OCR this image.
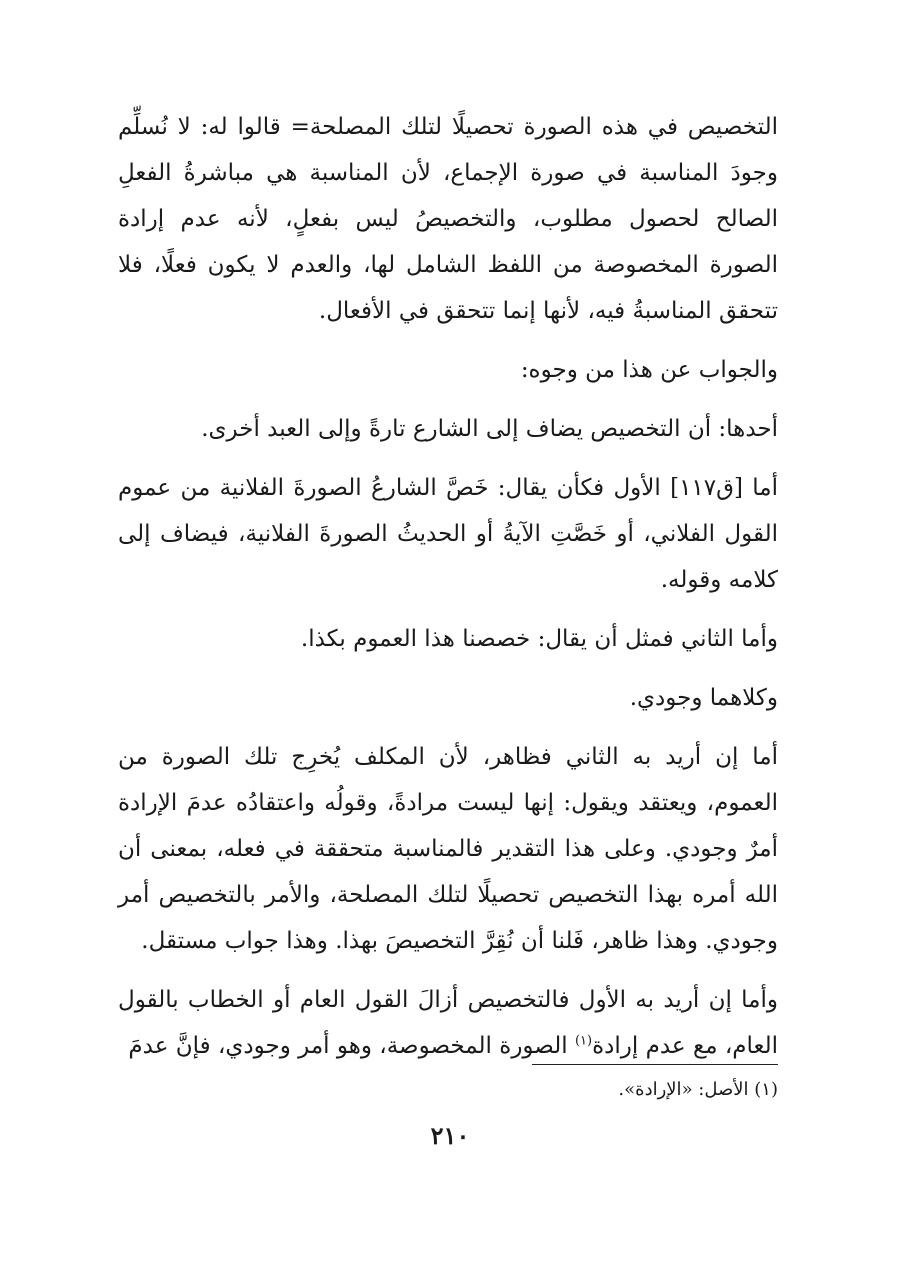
التخصيص في هذه الصورة تحصيلًا لتلك المصلحة= قالوا له: لا نُسلِّم وجودَ المناسبة في صورة الإجماع، لأن المناسبة هي مباشرةُ الفعلِ الصالح لحصول مطلوب، والتخصيصُ ليس بفعلٍ، لأنه عدم إرادة الصورة المخصوصة من اللفظ الشامل لها، والعدم لا يكون فعلًا، فلا تتحقق المناسبةُ فيه، لأنها إنما تتحقق في الأفعال.

والجواب عن هذا من وجوه:

أحدها: أن التخصيص يضاف إلى الشارع تارةً وإلى العبد أخرى.

أما [ق١١٧] الأول فكأن يقال: خَصَّ الشارعُ الصورةَ الفلانية من عموم القول الفلاني، أو خَصَّتِ الآيةُ أو الحديثُ الصورةَ الفلانية، فيضاف إلى كلامه وقوله.

وأما الثاني فمثل أن يقال: خصصنا هذا العموم بكذا.

وكلاهما وجودي.

أما إن أريد به الثاني فظاهر، لأن المكلف يُخرِج تلك الصورة من العموم، ويعتقد ويقول: إنها ليست مرادةً، وقولُه واعتقادُه عدمَ الإرادة أمرٌ وجودي. وعلى هذا التقدير فالمناسبة متحققة في فعله، بمعنى أن الله أمره بهذا التخصيص تحصيلًا لتلك المصلحة، والأمر بالتخصيص أمر وجودي. وهذا ظاهر، فَلنا أن نُقِرَّ التخصيصَ بهذا. وهذا جواب مستقل.

وأما إن أريد به الأول فالتخصيص أزالَ القول العام أو الخطاب بالقول العام، مع عدم إرادة$^{(١)}$ الصورة المخصوصة، وهو أمر وجودي، فإنَّ عدمَ

(١) الأصل: «الإرادة».
٢١٠
